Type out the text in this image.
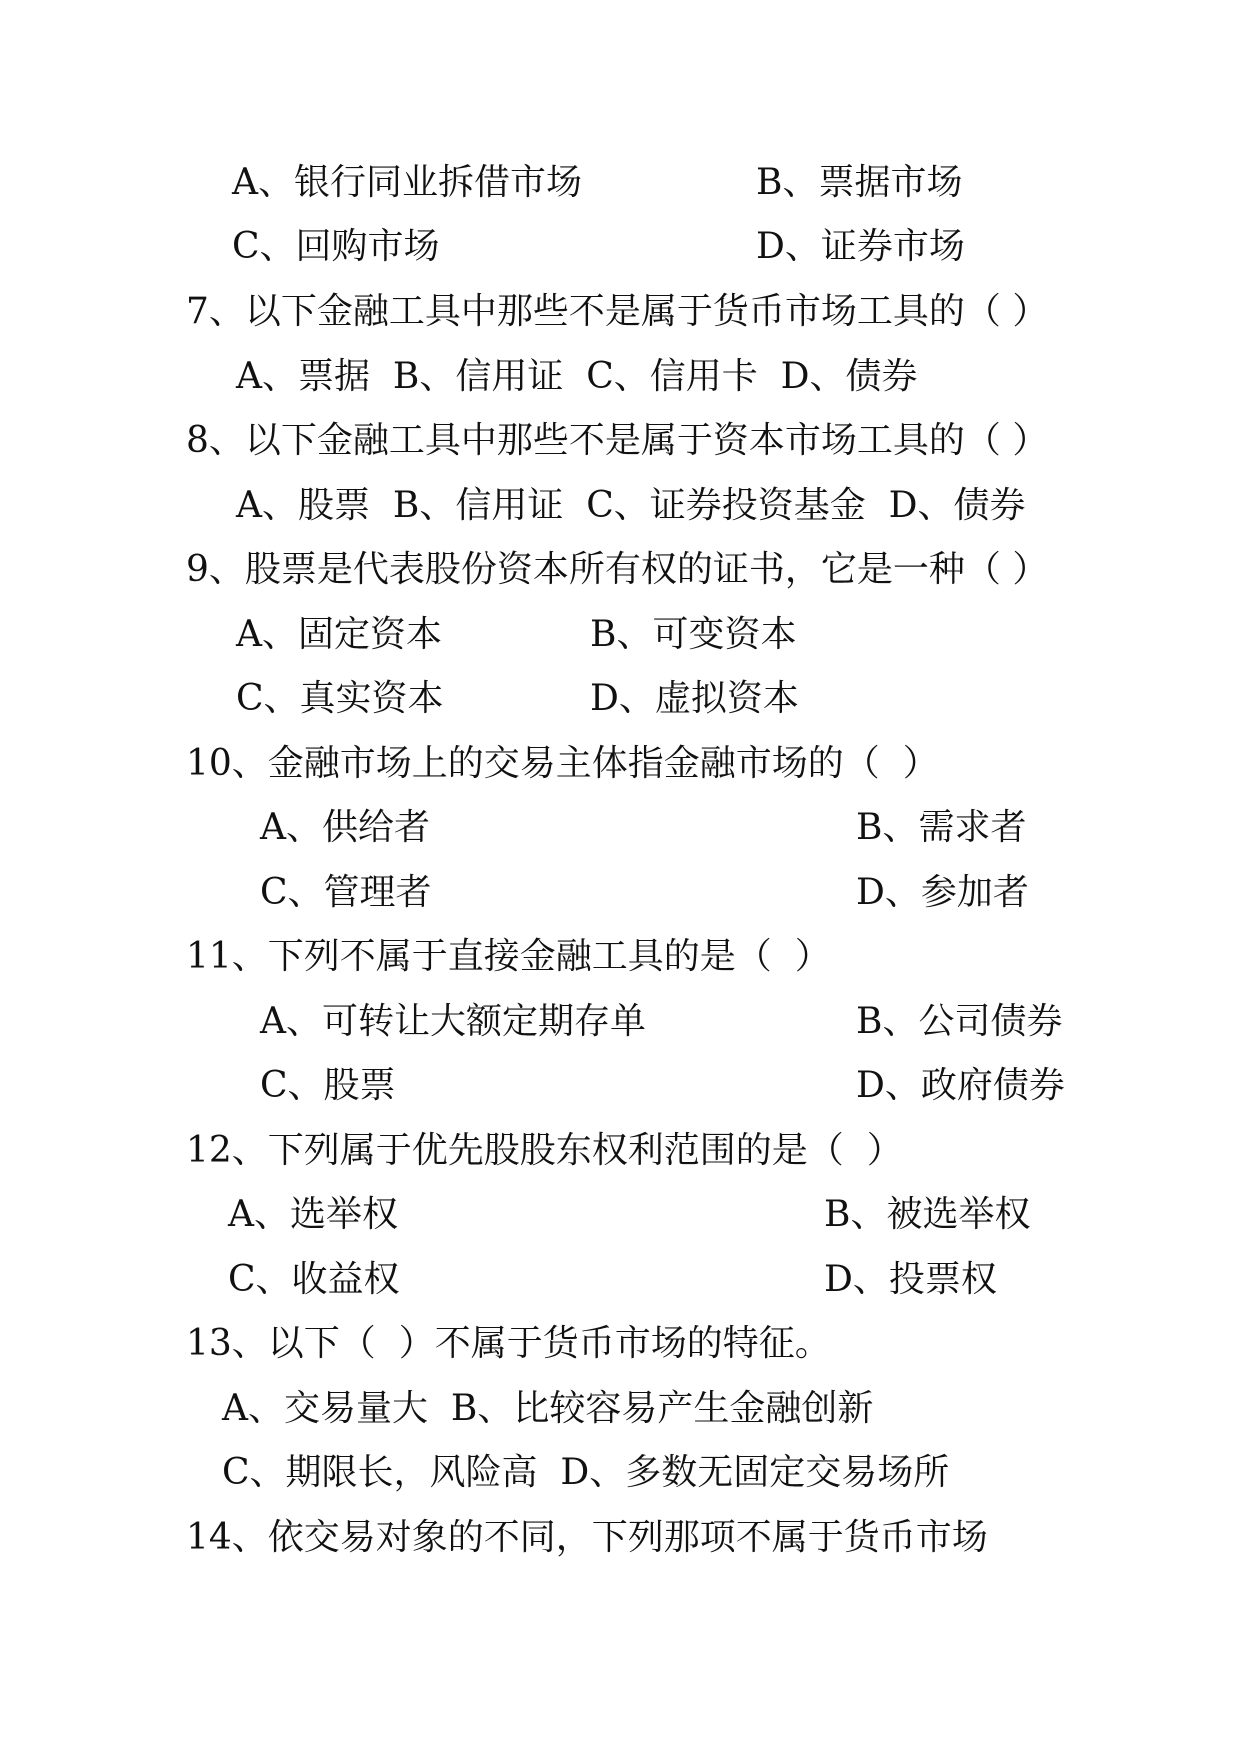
A、银行同业拆借市场	B、票据市场

C、回购市场	D、证券市场

7、以下金融工具中那些不是属于货币市场工具的（ ）

A、票据  B、信用证  C、信用卡  D、债券

8、以下金融工具中那些不是属于资本市场工具的（ ）

A、股票  B、信用证  C、证券投资基金  D、债券

9、股票是代表股份资本所有权的证书，它是一种（ ）

A、固定资本	B、可变资本

C、真实资本	D、虚拟资本

10、金融市场上的交易主体指金融市场的（  ）

A、供给者	B、需求者

C、管理者	D、参加者

11、下列不属于直接金融工具的是（  ）

A、可转让大额定期存单	B、公司债券

C、股票	D、政府债券

12、下列属于优先股股东权利范围的是（  ）

A、选举权	B、被选举权

C、收益权	D、投票权

13、以下（  ）不属于货币市场的特征。

A、交易量大  B、比较容易产生金融创新

C、期限长，风险高  D、多数无固定交易场所

14、依交易对象的不同，下列那项不属于货币市场
